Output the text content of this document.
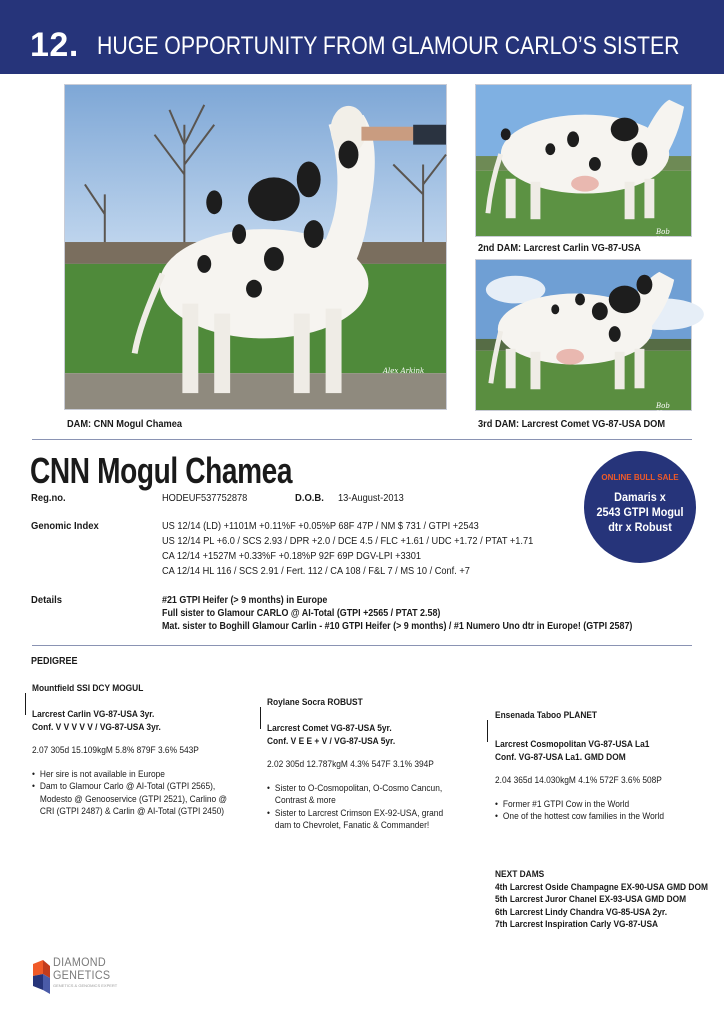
12. HUGE OPPORTUNITY FROM GLAMOUR CARLO’S SISTER
Alex Arkink
Bob Hagan
Bob Hagan
DAM: CNN Mogul Chamea
2nd DAM: Larcrest Carlin VG-87-USA
3rd DAM: Larcrest Comet VG-87-USA DOM
CNN Mogul Chamea	ONLINE BULL SALE
Damaris x
2543 GTPI Mogul
dtr x Robust
Reg.no.	HODEUF537752878	D.O.B. 13-August-2013
Genomic Index	US 12/14 (LD) +1101M +0.11%F +0.05%P 68F 47P / NM $ 731 / GTPI +2543
US 12/14 PL +6.0 / SCS 2.93 / DPR +2.0 / DCE 4.5 / FLC +1.61 / UDC +1.72 / PTAT +1.71
CA 12/14 +1527M +0.33%F +0.18%P 92F 69P DGV-LPI +3301
CA 12/14 HL 116 / SCS 2.91 / Fert. 112 / CA 108 / F&L 7 / MS 10 / Conf. +7
Details	#21 GTPI Heifer (> 9 months) in Europe
Full sister to Glamour CARLO @ AI-Total (GTPI +2565 / PTAT 2.58)
Mat. sister to Boghill Glamour Carlin - #10 GTPI Heifer (> 9 months) / #1 Numero Uno dtr in Europe! (GTPI 2587)
PEDIGREE
Mountfield SSI DCY MOGUL
Larcrest Carlin VG-87-USA 3yr.
Conf. V V V V V / VG-87-USA 3yr.
2.07 305d 15.109kgM 5.8% 879F 3.6% 543P
• Her sire is not available in Europe
• Dam to Glamour Carlo @ AI-Total (GTPI 2565),
Modesto @ Genooservice (GTPI 2521), Carlino @
CRI (GTPI 2487) & Carlin @ AI-Total (GTPI 2450)
Roylane Socra ROBUST
Larcrest Comet VG-87-USA 5yr.
Conf. V E E + V / VG-87-USA 5yr.
2.02 305d 12.787kgM 4.3% 547F 3.1% 394P
• Sister to O-Cosmopolitan, O-Cosmo Cancun,
Contrast & more
• Sister to Larcrest Crimson EX-92-USA, grand
dam to Chevrolet, Fanatic & Commander!
Ensenada Taboo PLANET
Larcrest Cosmopolitan VG-87-USA La1
Conf. VG-87-USA La1. GMD DOM
2.04 365d 14.030kgM 4.1% 572F 3.6% 508P
• Former #1 GTPI Cow in the World
• One of the hottest cow families in the World
NEXT DAMS
4th Larcrest Oside Champagne EX-90-USA GMD DOM
5th Larcrest Juror Chanel EX-93-USA GMD DOM
6th Larcrest Lindy Chandra VG-85-USA 2yr.
7th Larcrest Inspiration Carly VG-87-USA
DIAMOND
GENETICS
GENETICS & GENOMICS EXPERT
